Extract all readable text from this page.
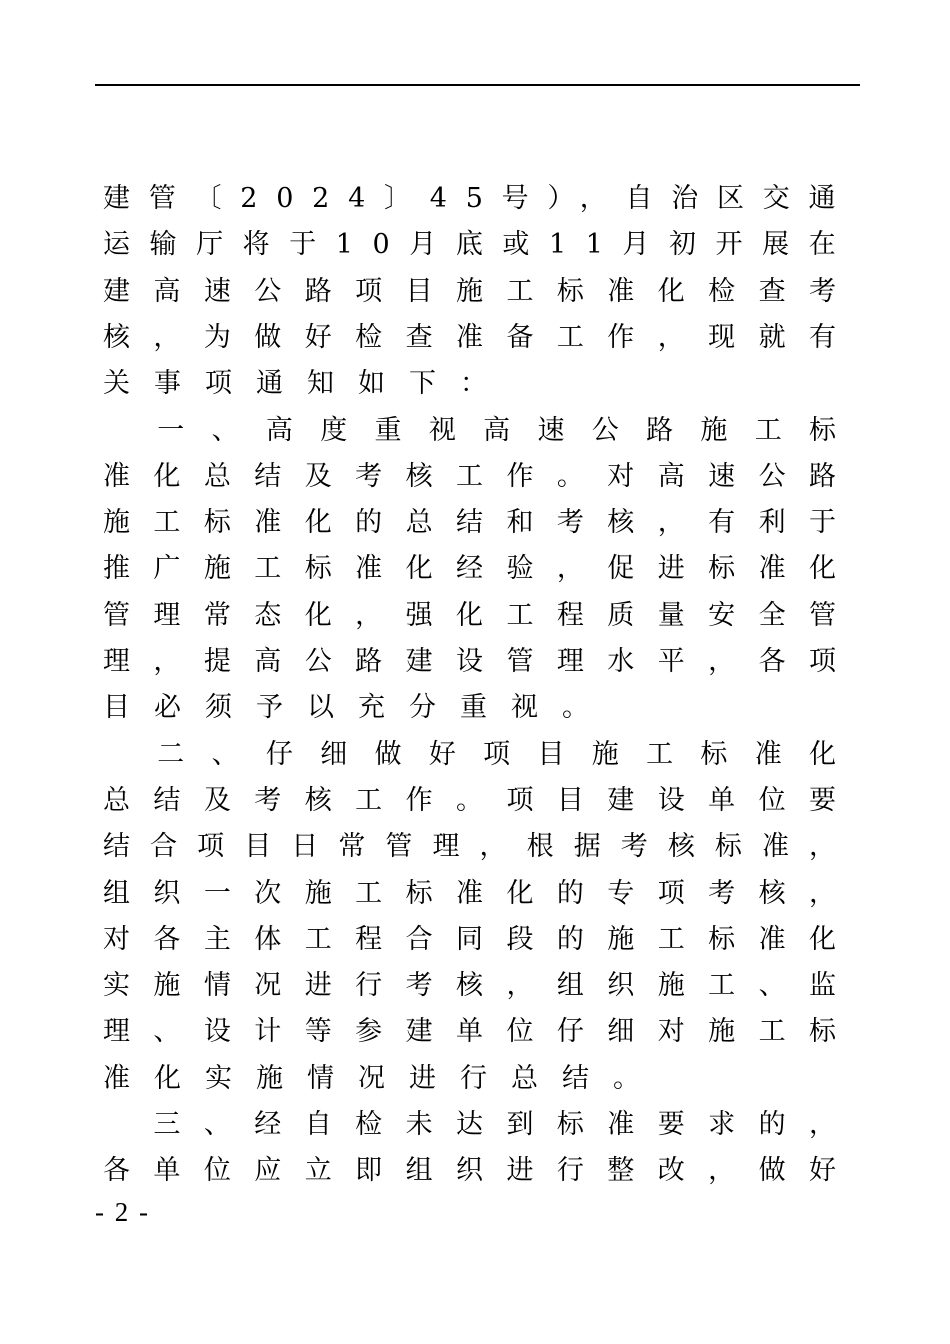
建管〔2024〕45号），自治区交通
运输厅将于10月底或11月初开展在
建高速公路项目施工标准化检查考
核，为做好检查准备工作，现就有
关事项通知如下：
　一、高度重视高速公路施工标
准化总结及考核工作。对高速公路
施工标准化的总结和考核，有利于
推广施工标准化经验，促进标准化
管理常态化，强化工程质量安全管
理，提高公路建设管理水平，各项
目必须予以充分重视。
　二、仔细做好项目施工标准化
总结及考核工作。项目建设单位要
结合项目日常管理，根据考核标准，
组织一次施工标准化的专项考核，
对各主体工程合同段的施工标准化
实施情况进行考核，组织施工、监
理、设计等参建单位仔细对施工标
准化实施情况进行总结。
　三、经自检未达到标准要求的，
各单位应立即组织进行整改，做好
- 2 -
